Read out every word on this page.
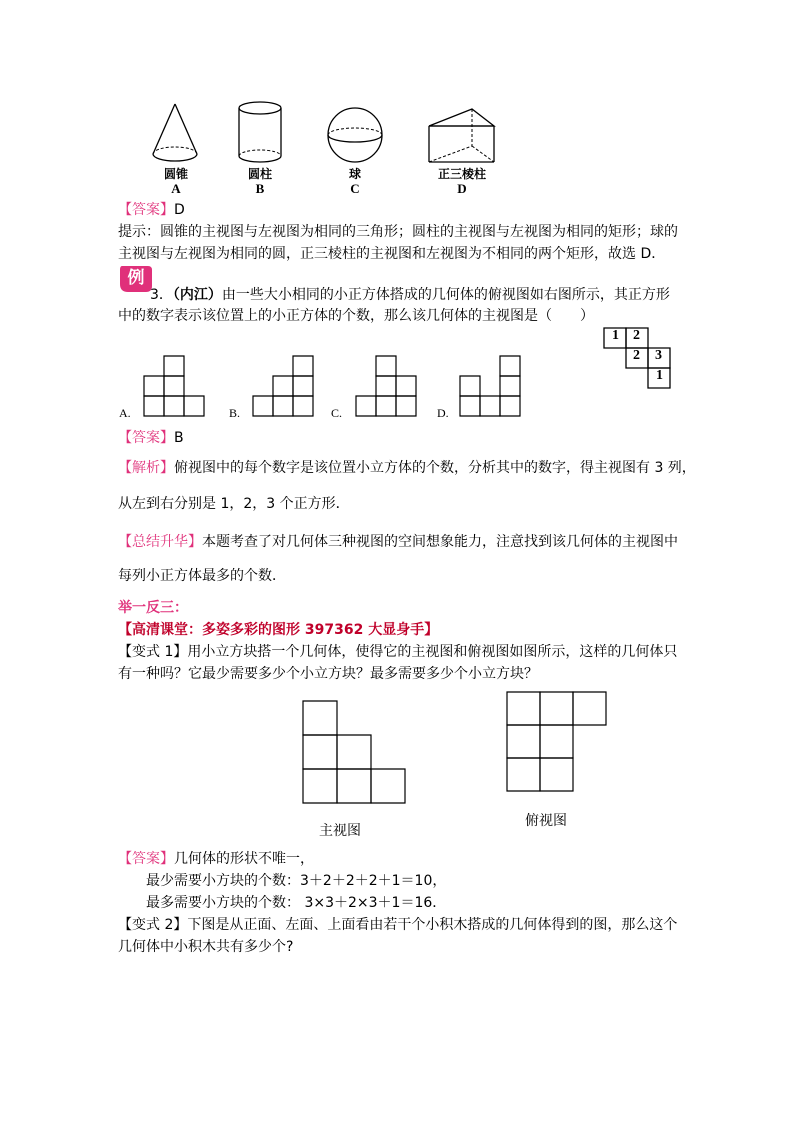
圆锥
A
圆柱
B
球
C
正三棱柱
D
【答案】D
提示：圆锥的主视图与左视图为相同的三角形；圆柱的主视图与左视图为相同的矩形；球的
主视图与左视图为相同的圆，正三棱柱的主视图和左视图为不相同的两个矩形，故选 D．
例
3．（内江）由一些大小相同的小正方体搭成的几何体的俯视图如右图所示，其正方形
中的数字表示该位置上的小正方体的个数，那么该几何体的主视图是（　　）
1 2
2 3
1
A.	B.	C.	D.
【答案】B
【解析】俯视图中的每个数字是该位置小立方体的个数，分析其中的数字，得主视图有 3 列，
从左到右分别是 1，2，3 个正方形．
【总结升华】本题考查了对几何体三种视图的空间想象能力，注意找到该几何体的主视图中
每列小正方体最多的个数．
举一反三：
【高清课堂：多姿多彩的图形 397362 大显身手】
【变式 1】用小立方块搭一个几何体，使得它的主视图和俯视图如图所示，这样的几何体只
有一种吗？它最少需要多少个小立方块？最多需要多少个小立方块？
主视图
俯视图
【答案】几何体的形状不唯一，
最少需要小方块的个数：3＋2＋2＋2＋1＝10，
最多需要小方块的个数： 3×3＋2×3＋1＝16．
【变式 2】下图是从正面、左面、上面看由若干个小积木搭成的几何体得到的图，那么这个
几何体中小积木共有多少个?
